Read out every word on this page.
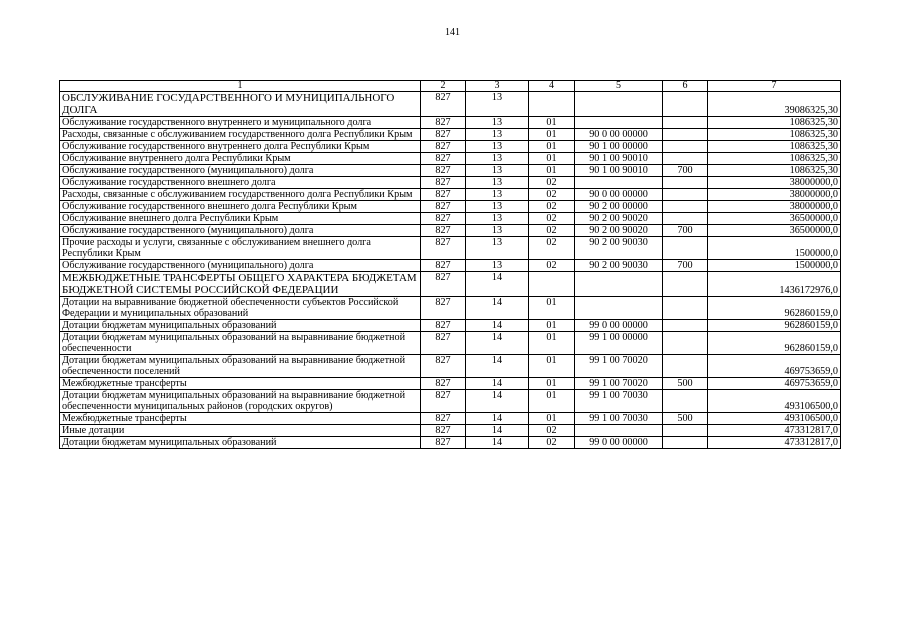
141
1	2	3	4	5	6	7
ОБСЛУЖИВАНИЕ ГОСУДАРСТВЕННОГО И МУНИЦИПАЛЬНОГО ДОЛГА	827	13				39086325,30
Обслуживание государственного внутреннего и муниципального долга	827	13	01			1086325,30
Расходы, связанные с обслуживанием государственного долга Республики Крым	827	13	01	90 0 00 00000		1086325,30
Обслуживание государственного внутреннего долга Республики Крым	827	13	01	90 1 00 00000		1086325,30
Обслуживание внутреннего долга Республики Крым	827	13	01	90 1 00 90010		1086325,30
Обслуживание государственного (муниципального) долга	827	13	01	90 1 00 90010	700	1086325,30
Обслуживание государственного внешнего долга	827	13	02			38000000,0
Расходы, связанные с обслуживанием государственного долга Республики Крым	827	13	02	90 0 00 00000		38000000,0
Обслуживание государственного внешнего долга Республики Крым	827	13	02	90 2 00 00000		38000000,0
Обслуживание внешнего долга Республики Крым	827	13	02	90 2 00 90020		36500000,0
Обслуживание государственного (муниципального) долга	827	13	02	90 2 00 90020	700	36500000,0
Прочие расходы и услуги, связанные с обслуживанием внешнего долга Республики Крым	827	13	02	90 2 00 90030		1500000,0
Обслуживание государственного (муниципального) долга	827	13	02	90 2 00 90030	700	1500000,0
МЕЖБЮДЖЕТНЫЕ ТРАНСФЕРТЫ ОБЩЕГО ХАРАКТЕРА БЮДЖЕТАМ БЮДЖЕТНОЙ СИСТЕМЫ РОССИЙСКОЙ ФЕДЕРАЦИИ	827	14				1436172976,0
Дотации на выравнивание бюджетной обеспеченности субъектов Российской Федерации и муниципальных образований	827	14	01			962860159,0
Дотации бюджетам муниципальных образований	827	14	01	99 0 00 00000		962860159,0
Дотации бюджетам муниципальных образований на выравнивание бюджетной обеспеченности	827	14	01	99 1 00 00000		962860159,0
Дотации бюджетам муниципальных образований на выравнивание бюджетной обеспеченности поселений	827	14	01	99 1 00 70020		469753659,0
Межбюджетные трансферты	827	14	01	99 1 00 70020	500	469753659,0
Дотации бюджетам муниципальных образований на выравнивание бюджетной обеспеченности муниципальных районов (городских округов)	827	14	01	99 1 00 70030		493106500,0
Межбюджетные трансферты	827	14	01	99 1 00 70030	500	493106500,0
Иные дотации	827	14	02			473312817,0
Дотации бюджетам муниципальных образований	827	14	02	99 0 00 00000		473312817,0
